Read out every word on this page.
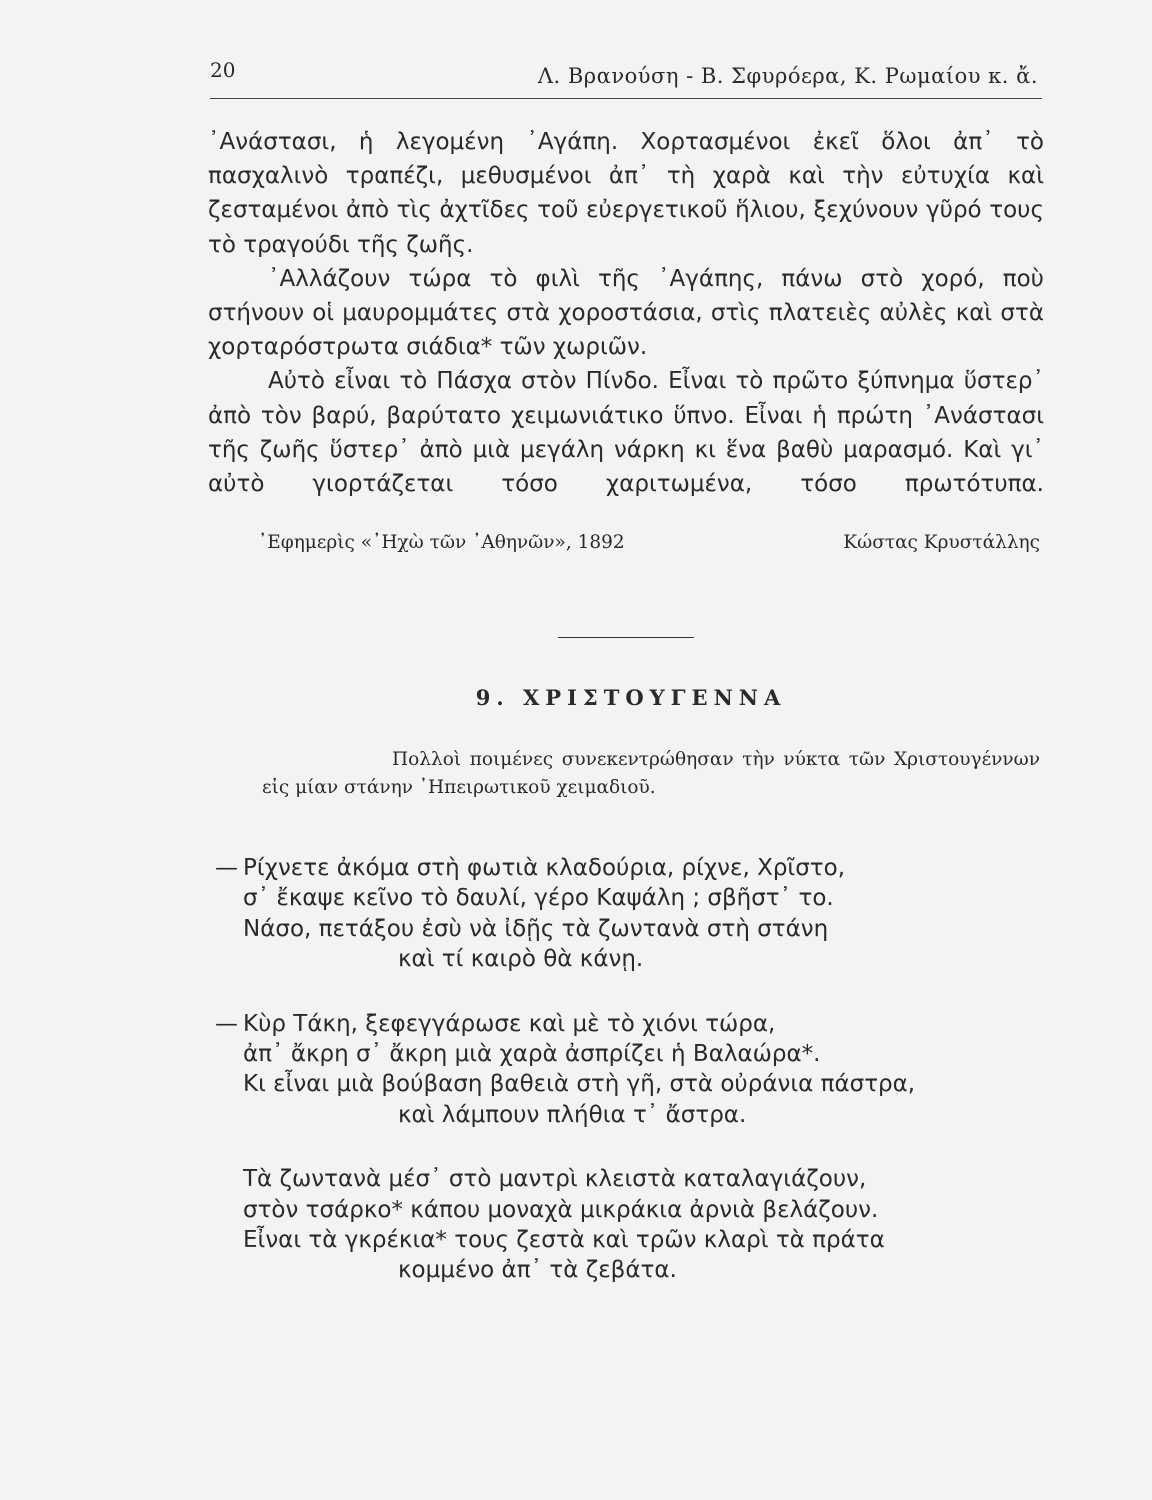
20	Λ. Βρανούση - Β. Σφυρόερα, Κ. Ρωμαίου κ. ἄ.

᾿Ανάστασι, ἡ λεγομένη ᾿Αγάπη. Χορτασμένοι ἐκεῖ ὅλοι ἀπ᾿ τὸ πασχαλινὸ τραπέζι, μεθυσμένοι ἀπ᾿ τὴ χαρὰ καὶ τὴν εὐτυχία καὶ ζεσταμένοι ἀπὸ τὶς ἀχτῖδες τοῦ εὐεργετικοῦ ἥλιου, ξεχύνουν γῦρό τους τὸ τραγούδι τῆς ζωῆς.

᾿Αλλάζουν τώρα τὸ φιλὶ τῆς ᾿Αγάπης, πάνω στὸ χορό, ποὺ στήνουν οἱ μαυρομμάτες στὰ χοροστάσια, στὶς πλατειὲς αὐλὲς καὶ στὰ χορταρόστρωτα σιάδια* τῶν χωριῶν.

Αὐτὸ εἶναι τὸ Πάσχα στὸν Πίνδο. Εἶναι τὸ πρῶτο ξύπνημα ὕστερ᾿ ἀπὸ τὸν βαρύ, βαρύτατο χειμωνιάτικο ὕπνο. Εἶναι ἡ πρώτη ᾿Ανάστασι τῆς ζωῆς ὕστερ᾿ ἀπὸ μιὰ μεγάλη νάρκη κι ἕνα βαθὺ μαρασμό. Καὶ γι᾿ αὐτὸ γιορτάζεται τόσο χαριτωμένα, τόσο πρωτότυπα.

᾿Εφημερὶς «᾿Ηχὼ τῶν ᾿Αθηνῶν», 1892	Κώστας Κρυστάλλης
9. ΧΡΙΣΤΟΥΓΕΝΝΑ

Πολλοὶ ποιμένες συνεκεντρώθησαν τὴν νύκτα τῶν Χριστουγέννων εἰς μίαν στάνην ᾿Ηπειρωτικοῦ χειμαδιοῦ.

— Ρίχνετε ἀκόμα στὴ φωτιὰ κλαδούρια, ρίχνε, Χρῖστο,
σ᾿ ἔκαψε κεῖνο τὸ δαυλί, γέρο Καψάλη ; σβῆστ᾿ το.
Νάσο, πετάξου ἐσὺ νὰ ἰδῇς τὰ ζωντανὰ στὴ στάνη
καὶ τί καιρὸ θὰ κάνῃ.
— Κὺρ Τάκη, ξεφεγγάρωσε καὶ μὲ τὸ χιόνι τώρα,
ἀπ᾿ ἄκρη σ᾿ ἄκρη μιὰ χαρὰ ἀσπρίζει ἡ Βαλαώρα*.
Κι εἶναι μιὰ βούβαση βαθειὰ στὴ γῆ, στὰ οὐράνια πάστρα,
καὶ λάμπουν πλήθια τ᾿ ἄστρα.
Τὰ ζωντανὰ μέσ᾿ στὸ μαντρὶ κλειστὰ καταλαγιάζουν,
στὸν τσάρκο* κάπου μοναχὰ μικράκια ἀρνιὰ βελάζουν.
Εἶναι τὰ γκρέκια* τους ζεστὰ καὶ τρῶν κλαρὶ τὰ πράτα
κομμένο ἀπ᾿ τὰ ζεβάτα.
